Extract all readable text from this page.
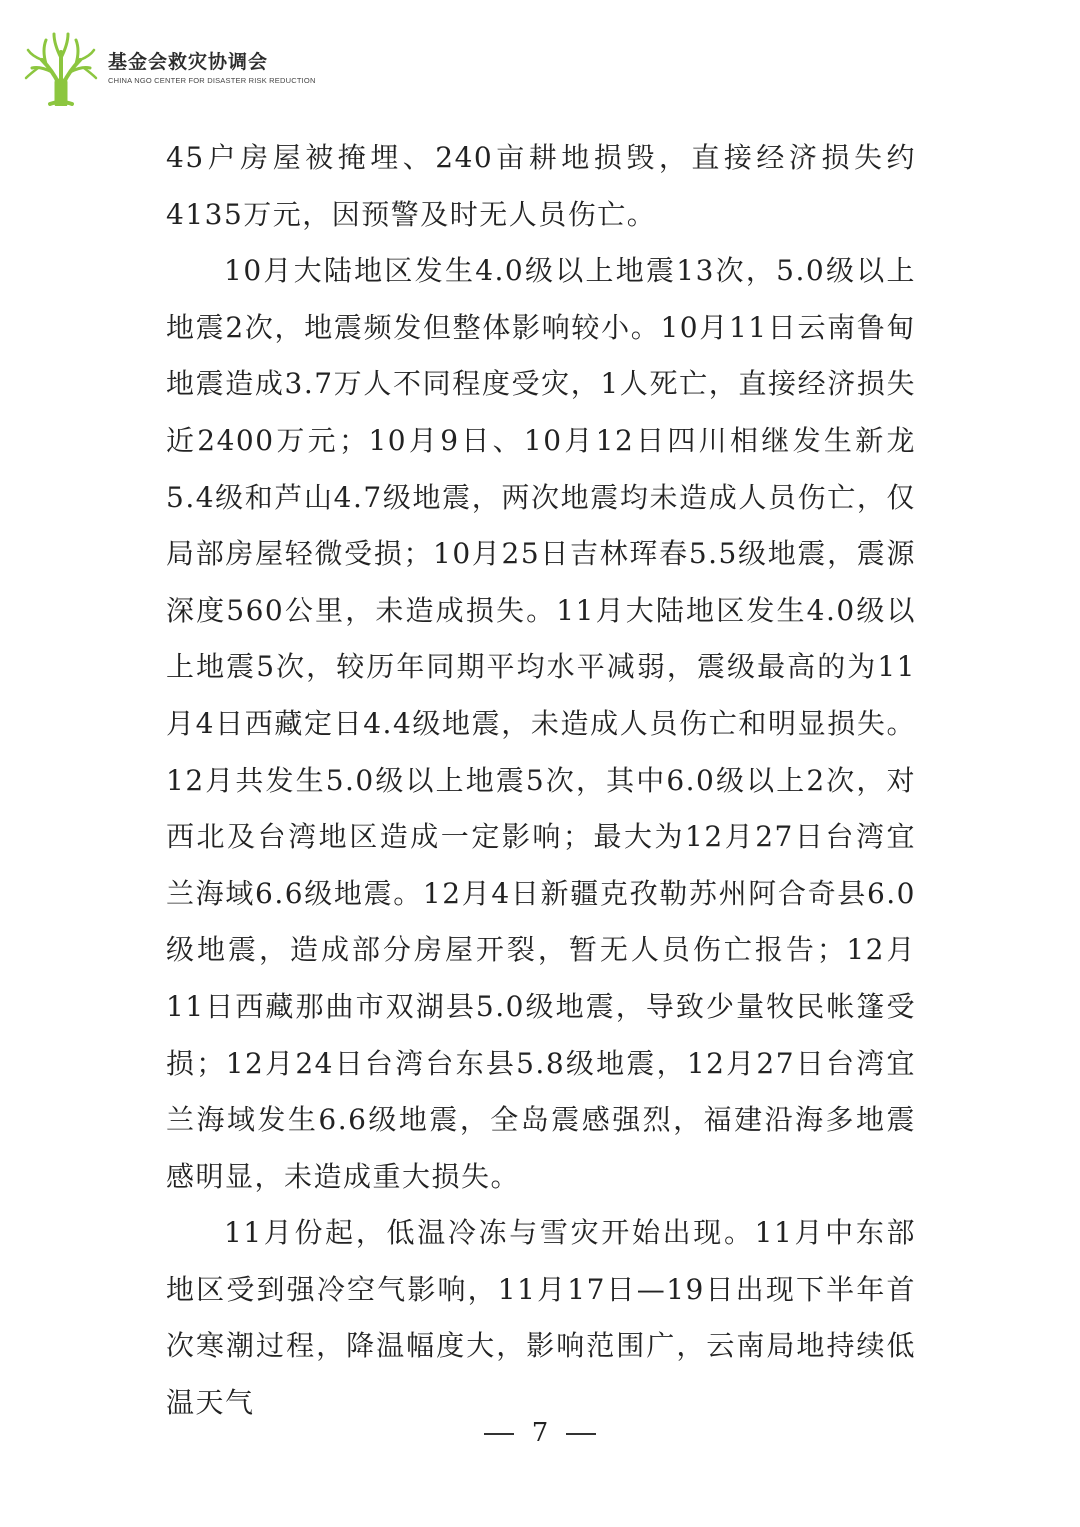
基金会救灾协调会
CHINA NGO CENTER FOR DISASTER RISK REDUCTION

45户房屋被掩埋、240亩耕地损毁，直接经济损失约4135万元，因预警及时无人员伤亡。

10月大陆地区发生4.0级以上地震13次，5.0级以上地震2次，地震频发但整体影响较小。10月11日云南鲁甸地震造成3.7万人不同程度受灾，1人死亡，直接经济损失近2400万元；10月9日、10月12日四川相继发生新龙5.4级和芦山4.7级地震，两次地震均未造成人员伤亡，仅局部房屋轻微受损；10月25日吉林珲春5.5级地震，震源深度560公里，未造成损失。11月大陆地区发生4.0级以上地震5次，较历年同期平均水平减弱，震级最高的为11月4日西藏定日4.4级地震，未造成人员伤亡和明显损失。12月共发生5.0级以上地震5次，其中6.0级以上2次，对西北及台湾地区造成一定影响；最大为12月27日台湾宜兰海域6.6级地震。12月4日新疆克孜勒苏州阿合奇县6.0级地震，造成部分房屋开裂，暂无人员伤亡报告；12月11日西藏那曲市双湖县5.0级地震，导致少量牧民帐篷受损；12月24日台湾台东县5.8级地震，12月27日台湾宜兰海域发生6.6级地震，全岛震感强烈，福建沿海多地震感明显，未造成重大损失。

11月份起，低温冷冻与雪灾开始出现。11月中东部地区受到强冷空气影响，11月17日—19日出现下半年首次寒潮过程，降温幅度大，影响范围广，云南局地持续低温天气

7
